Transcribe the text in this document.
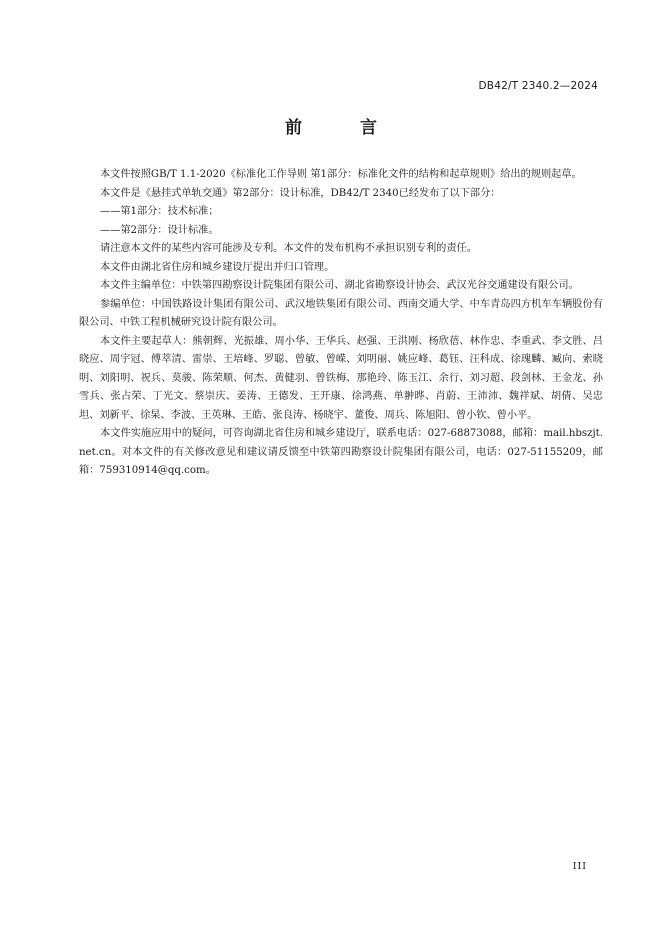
DB42/T 2340.2—2024
前 言

本文件按照GB/T 1.1-2020《标准化工作导则 第1部分：标准化文件的结构和起草规则》给出的规则起草。

本文件是《悬挂式单轨交通》第2部分：设计标准，DB42/T 2340已经发布了以下部分：

——第1部分：技术标准；

——第2部分：设计标准。

请注意本文件的某些内容可能涉及专利。本文件的发布机构不承担识别专利的责任。

本文件由湖北省住房和城乡建设厅提出并归口管理。

本文件主编单位：中铁第四勘察设计院集团有限公司、湖北省勘察设计协会、武汉光谷交通建设有限公司。

参编单位：中国铁路设计集团有限公司、武汉地铁集团有限公司、西南交通大学、中车青岛四方机车车辆股份有限公司、中铁工程机械研究设计院有限公司。

本文件主要起草人：熊朝辉、光振雄、周小华、王华兵、赵强、王洪刚、杨欣蓓、林作忠、李重武、李文胜、吕晓应、周宇冠、傅萃清、雷崇、王培峰、罗聪、曾敏、曾嵘、刘明丽、姚应峰、葛钰、汪科成、徐瑰麟、臧向、索晓明、刘阳明、祝兵、莫骏、陈荣顺、何杰、黄健羽、曾铁梅、那艳玲、陈玉江、余行、刘习超、段剑林、王金龙、孙雪兵、张占荣、丁光文、蔡崇庆、姜涛、王德发、王开康、徐鸿燕、单翀晔、肖蔚、王沛沛、魏祥斌、胡倩、吴忠坦、刘新平、徐杲、李波、王英琳、王皓、张良涛、杨晓宇、董俊、周兵、陈旭阳、曾小钦、曾小平。

本文件实施应用中的疑问，可咨询湖北省住房和城乡建设厅，联系电话：027-68873088，邮箱：mail.hbszjt.net.cn。对本文件的有关修改意见和建议请反馈至中铁第四勘察设计院集团有限公司，电话：027-51155209，邮箱：759310914@qq.com。

III
